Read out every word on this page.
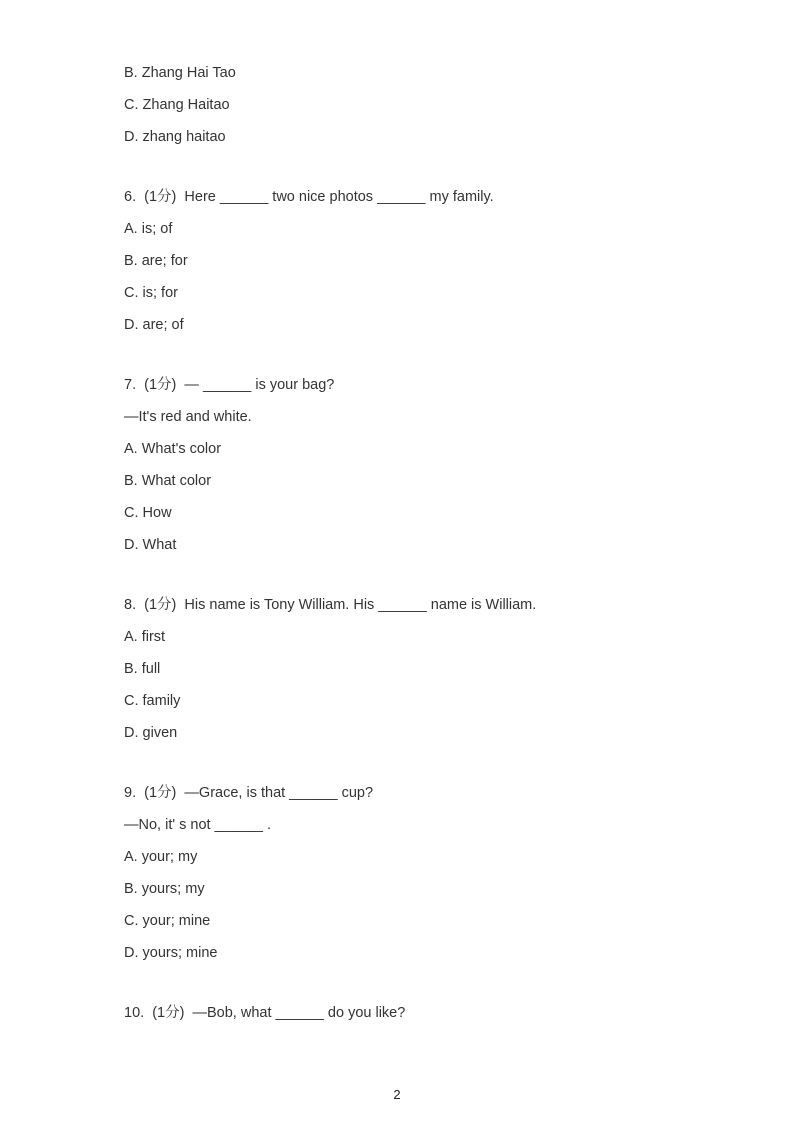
B. Zhang Hai Tao
C. Zhang Haitao
D. zhang haitao
6.  (1分)  Here ______ two nice photos ______ my family.
A. is; of
B. are; for
C. is; for
D. are; of
7.  (1分)  — ______ is your bag?
—It's red and white.
A. What's color
B. What color
C. How
D. What
8.  (1分)  His name is Tony William. His ______ name is William.
A. first
B. full
C. family
D. given
9.  (1分)  —Grace, is that ______ cup?
—No, it' s not ______ .
A. your; my
B. yours; my
C. your; mine
D. yours; mine
10.  (1分)  —Bob, what ______ do you like?
2
